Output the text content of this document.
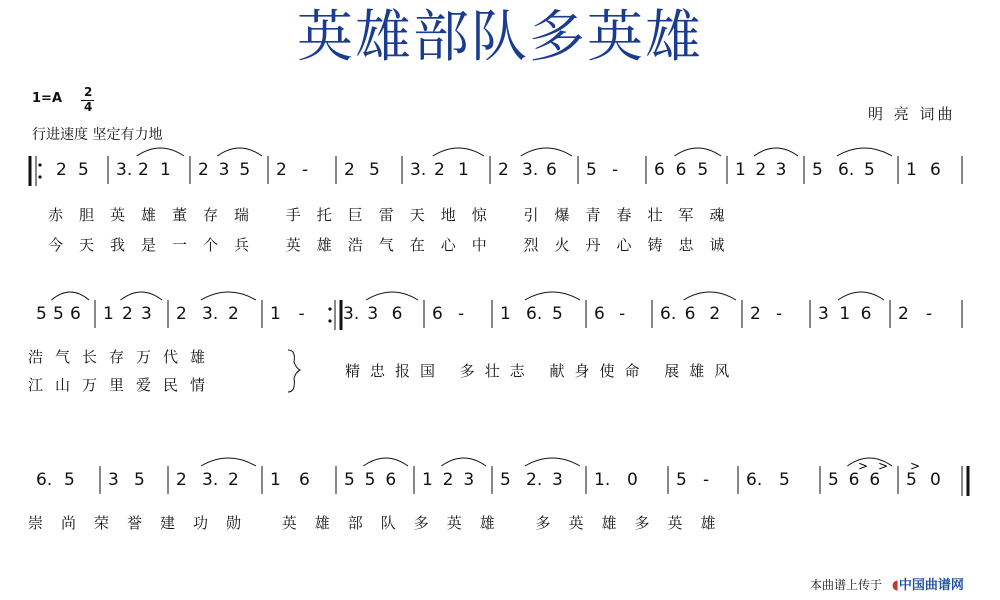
英雄部队多英雄
1=A 2
4
行进速度 坚定有力地
明 亮 词曲
2 5 3. 2 1 2 3 5 2 - 2 5 3. 2 1 2 3. 6 5 - 6 6 5 1 2 3 5 6. 5 1 6
赤胆英雄董存瑞 手托巨雷天地惊 引爆青春壮军魂
今天我是一个兵 英雄浩气在心中 烈火丹心铸忠诚
5 5 6 1 2 3 2 3. 2 1 - 3. 3 6 6 - 1 6. 5 6 - 6. 6 2 2 - 3 1 6 2 -
浩气长存万代雄
江山万里爱民情
精忠报国 多壮志 献身使命 展雄风
6. 5 3 5 2 3. 2 1 6 5 5 6 1 2 3 5 2. 3 1. 0 5 - 6. 5 5 6 6 5 0
崇尚荣誉建功勋 英雄部队多英雄 多英雄多英雄
本曲谱上传于 ◖中国曲谱网
> > >
